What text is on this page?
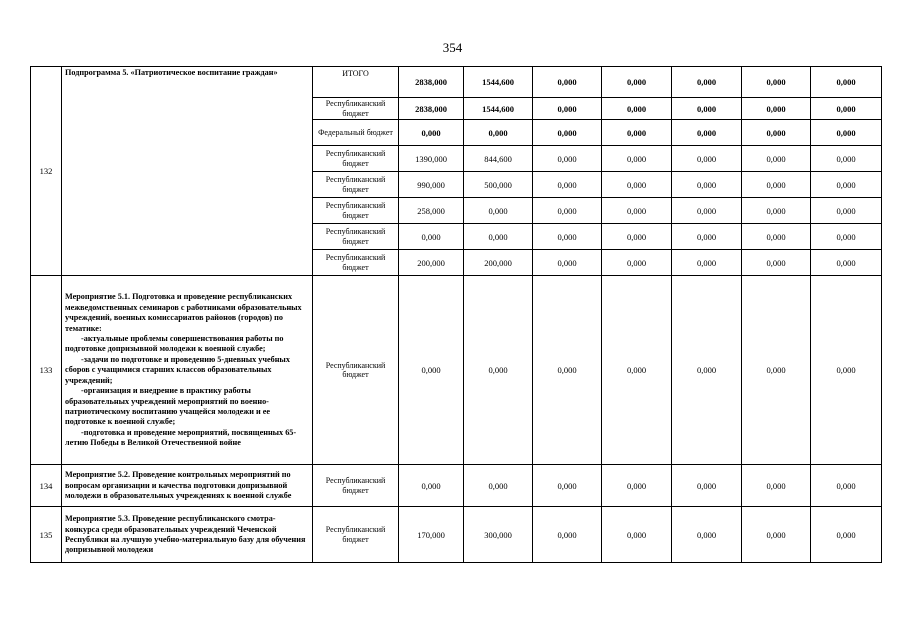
354
132	Подпрограмма 5. «Патриотическое воспитание граждан»	ИТОГО	2838,000	1544,600	0,000	0,000	0,000	0,000	0,000
		Республиканский бюджет	2838,000	1544,600	0,000	0,000	0,000	0,000	0,000
		Федеральный бюджет	0,000	0,000	0,000	0,000	0,000	0,000	0,000
		Республиканский бюджет	1390,000	844,600	0,000	0,000	0,000	0,000	0,000
		Республиканский бюджет	990,000	500,000	0,000	0,000	0,000	0,000	0,000
		Республиканский бюджет	258,000	0,000	0,000	0,000	0,000	0,000	0,000
		Республиканский бюджет	0,000	0,000	0,000	0,000	0,000	0,000	0,000
		Республиканский бюджет	200,000	200,000	0,000	0,000	0,000	0,000	0,000
133	Мероприятие 5.1. Подготовка и проведение республиканских межведомственных семинаров с работниками образовательных учреждений, военных комиссариатов районов (городов) по тематике:
-актуальные проблемы совершенствования работы по подготовке допризывной молодежи к военной службе;
-задачи по подготовке и проведению 5-дневных учебных сборов с учащимися старших классов образовательных учреждений;
-организация и внедрение в практику работы образовательных учреждений мероприятий по военно-патриотическому воспитанию учащейся молодежи и ее подготовке к военной службе;
-подготовка и проведение мероприятий, посвященных 65-летию Победы в Великой Отечественной войне	Республиканский бюджет	0,000	0,000	0,000	0,000	0,000	0,000	0,000
134	Мероприятие 5.2. Проведение контрольных мероприятий по вопросам организации и качества подготовки допризывной молодежи в образовательных учреждениях к военной службе	Республиканский бюджет	0,000	0,000	0,000	0,000	0,000	0,000	0,000
135	Мероприятие 5.3. Проведение республиканского смотра-конкурса среди образовательных учреждений Чеченской Республики на лучшую учебно-материальную базу для обучения допризывной молодежи	Республиканский бюджет	170,000	300,000	0,000	0,000	0,000	0,000	0,000
